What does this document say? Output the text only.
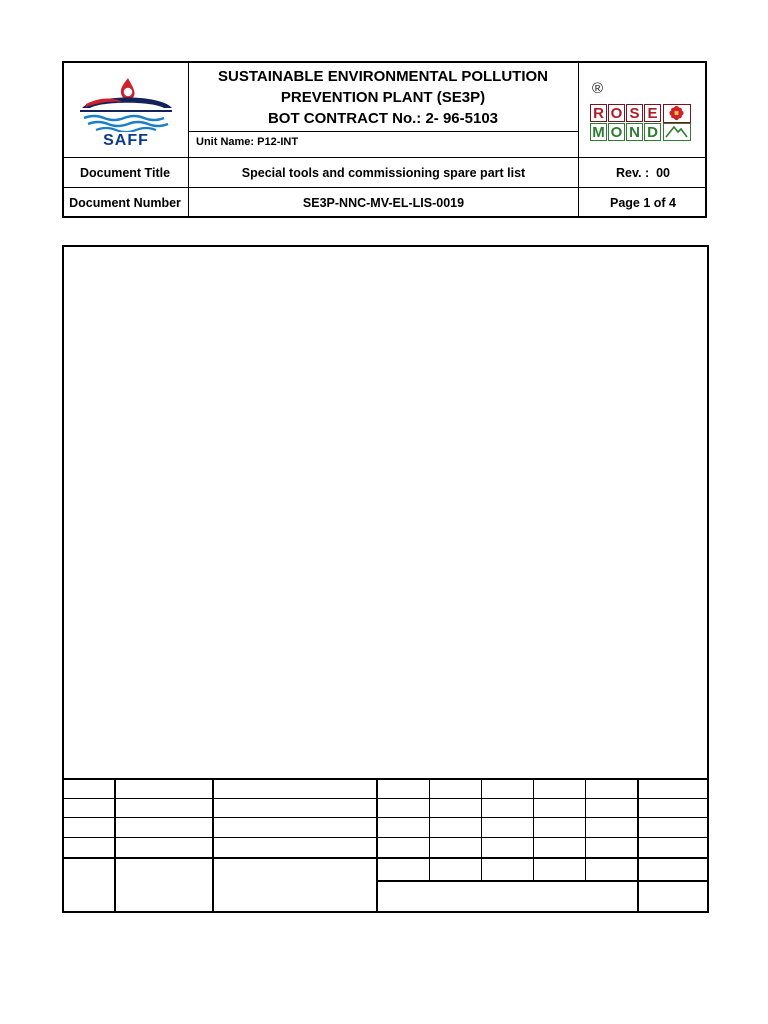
SAFF
SUSTAINABLE ENVIRONMENTAL POLLUTION
PREVENTION PLANT (SE3P)
BOT CONTRACT No.: 2- 96-5103
Unit Name: P12-INT
®
R O S E
M O N D
Document Title	Special tools and commissioning spare part list	Rev. :  00
Document Number	SE3P-NNC-MV-EL-LIS-0019	Page 1 of 4
